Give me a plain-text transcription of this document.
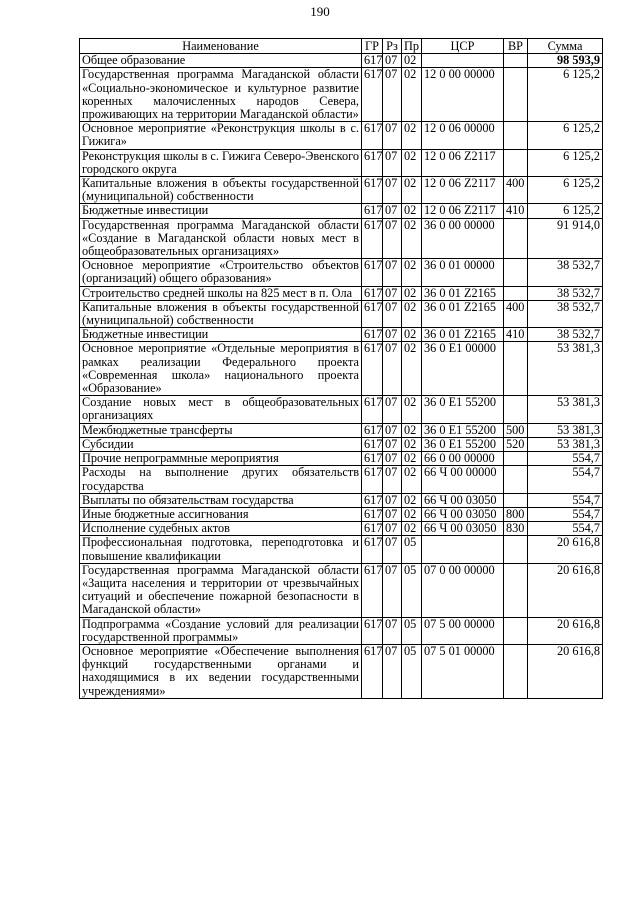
190
Наименование	ГР	Рз	Пр	ЦСР	ВР	Сумма
Общее образование	617	07	02			98 593,9
Государственная программа Магаданской области «Социально-экономическое и культурное развитие коренных малочисленных народов Севера, проживающих на территории Магаданской области»	617	07	02	12 0 00 00000		6 125,2
Основное мероприятие «Реконструкция школы в с. Гижига»	617	07	02	12 0 06 00000		6 125,2
Реконструкция школы в с. Гижига Северо-Эвенского городского округа	617	07	02	12 0 06 Z2117		6 125,2
Капитальные вложения в объекты государственной (муниципальной) собственности	617	07	02	12 0 06 Z2117	400	6 125,2
Бюджетные инвестиции	617	07	02	12 0 06 Z2117	410	6 125,2
Государственная программа Магаданской области «Создание в Магаданской области новых мест в общеобразовательных организациях»	617	07	02	36 0 00 00000		91 914,0
Основное мероприятие «Строительство объектов (организаций) общего образования»	617	07	02	36 0 01 00000		38 532,7
Строительство средней школы на 825 мест в п. Ола	617	07	02	36 0 01 Z2165		38 532,7
Капитальные вложения в объекты государственной (муниципальной) собственности	617	07	02	36 0 01 Z2165	400	38 532,7
Бюджетные инвестиции	617	07	02	36 0 01 Z2165	410	38 532,7
Основное мероприятие «Отдельные мероприятия в рамках реализации Федерального проекта «Современная школа» национального проекта «Образование»	617	07	02	36 0 E1 00000		53 381,3
Создание новых мест в общеобразовательных организациях	617	07	02	36 0 E1 55200		53 381,3
Межбюджетные трансферты	617	07	02	36 0 E1 55200	500	53 381,3
Субсидии	617	07	02	36 0 E1 55200	520	53 381,3
Прочие непрограммные мероприятия	617	07	02	66 0 00 00000		554,7
Расходы на выполнение других обязательств государства	617	07	02	66 Ч 00 00000		554,7
Выплаты по обязательствам государства	617	07	02	66 Ч 00 03050		554,7
Иные бюджетные ассигнования	617	07	02	66 Ч 00 03050	800	554,7
Исполнение судебных актов	617	07	02	66 Ч 00 03050	830	554,7
Профессиональная подготовка, переподготовка и повышение квалификации	617	07	05			20 616,8
Государственная программа Магаданской области «Защита населения и территории от чрезвычайных ситуаций и обеспечение пожарной безопасности в Магаданской области»	617	07	05	07 0 00 00000		20 616,8
Подпрограмма «Создание условий для реализации государственной программы»	617	07	05	07 5 00 00000		20 616,8
Основное мероприятие «Обеспечение выполнения функций государственными органами и находящимися в их ведении государственными учреждениями»	617	07	05	07 5 01 00000		20 616,8
